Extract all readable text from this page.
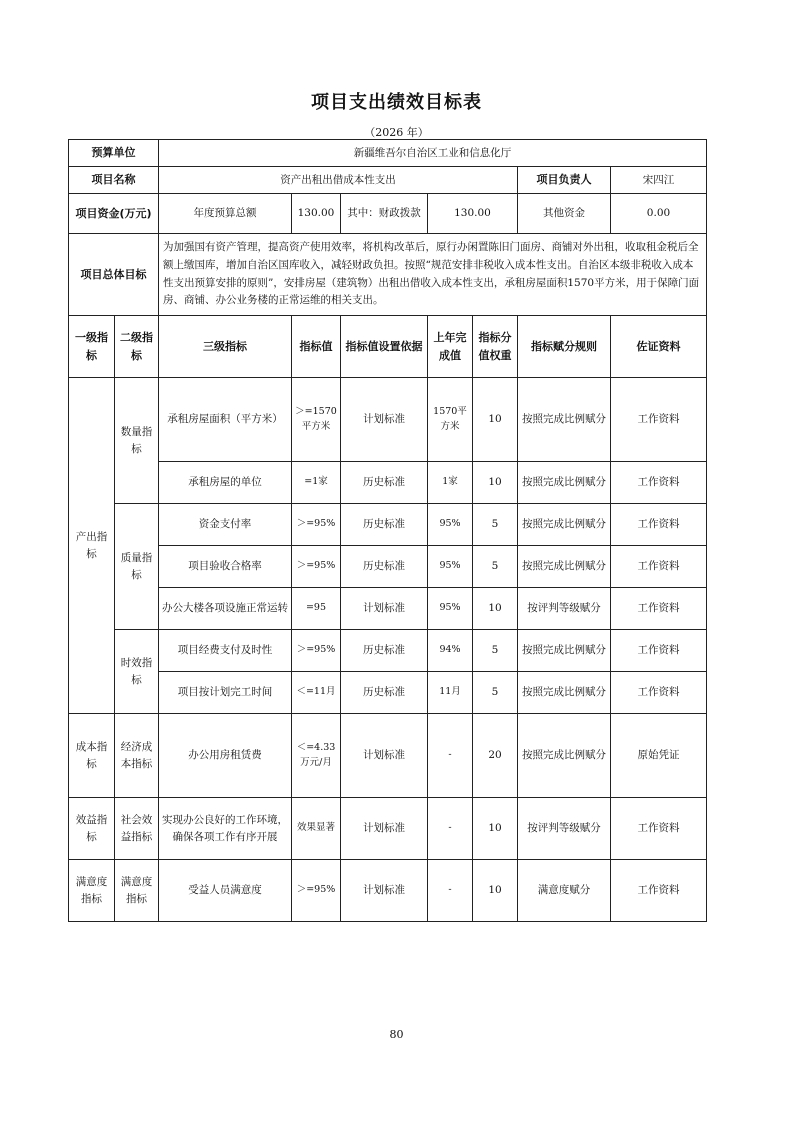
项目支出绩效目标表
（2026 年）
预算单位		新疆维吾尔自治区工业和信息化厅						
项目名称		资产出租出借成本性支出					项目负责人	宋四江
项目资金(万元)		年度预算总额	130.00	其中：财政拨款	130.00		其他资金	0.00
项目总体目标		为加强国有资产管理，提高资产使用效率，将机构改革后，原行办闲置陈旧门面房、商铺对外出租，收取租金税后全额上缴国库，增加自治区国库收入，减轻财政负担。按照“规范安排非税收入成本性支出。自治区本级非税收入成本性支出预算安排的原则”，安排房屋（建筑物）出租出借收入成本性支出，承租房屋面积1570平方米，用于保障门面房、商铺、办公业务楼的正常运维的相关支出。						
一级指标	二级指标	三级指标	指标值	指标值设置依据	上年完成值	指标分值权重	指标赋分规则	佐证资料
产出指标	数量指标	承租房屋面积（平方米）	＞=1570平方米	计划标准	1570平方米	10	按照完成比例赋分	工作资料
		承租房屋的单位	=1家	历史标准	1家	10	按照完成比例赋分	工作资料
	质量指标	资金支付率	＞=95%	历史标准	95%	5	按照完成比例赋分	工作资料
		项目验收合格率	＞=95%	历史标准	95%	5	按照完成比例赋分	工作资料
		办公大楼各项设施正常运转	=95	计划标准	95%	10	按评判等级赋分	工作资料
	时效指标	项目经费支付及时性	＞=95%	历史标准	94%	5	按照完成比例赋分	工作资料
		项目按计划完工时间	＜=11月	历史标准	11月	5	按照完成比例赋分	工作资料
成本指标	经济成本指标	办公用房租赁费	＜=4.33万元/月	计划标准	-	20	按照完成比例赋分	原始凭证
效益指标	社会效益指标	实现办公良好的工作环境，确保各项工作有序开展	效果显著	计划标准	-	10	按评判等级赋分	工作资料
满意度指标	满意度指标	受益人员满意度	＞=95%	计划标准	-	10	满意度赋分	工作资料
80
